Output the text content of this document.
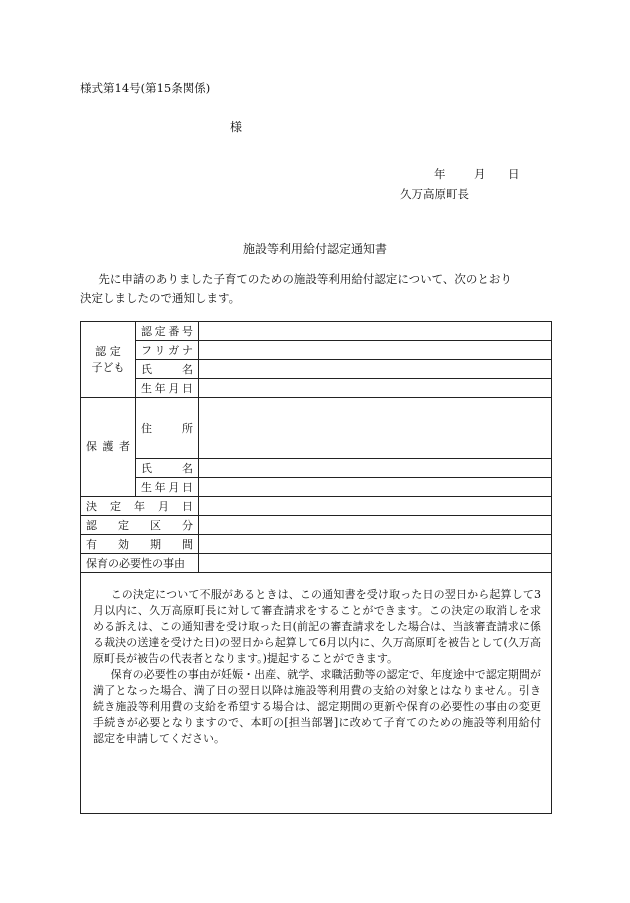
様式第14号(第15条関係)
様
年 月 日
久万高原町長
施設等利用給付認定通知書
先に申請のありました子育てのための施設等利用給付認定について、次のとおり決定しましたので通知します。
認 定
子ども	認定番号	
	フリガナ	
	氏 名	
	生年月日	
保護者	住 所	
	氏 名	
	生年月日	
決定年月日		
認定区分		
有効期間		
保育の必要性の事由		

この決定について不服があるときは、この通知書を受け取った日の翌日から起算して3月以内に、久万高原町長に対して審査請求をすることができます。この決定の取消しを求める訴えは、この通知書を受け取った日(前記の審査請求をした場合は、当該審査請求に係る裁決の送達を受けた日)の翌日から起算して6月以内に、久万高原町を被告として(久万高原町長が被告の代表者となります。)提起することができます。

保育の必要性の事由が妊娠・出産、就学、求職活動等の認定で、年度途中で認定期間が満了となった場合、満了日の翌日以降は施設等利用費の支給の対象とはなりません。引き続き施設等利用費の支給を希望する場合は、認定期間の更新や保育の必要性の事由の変更手続きが必要となりますので、本町の[担当部署]に改めて子育てのための施設等利用給付認定を申請してください。		
